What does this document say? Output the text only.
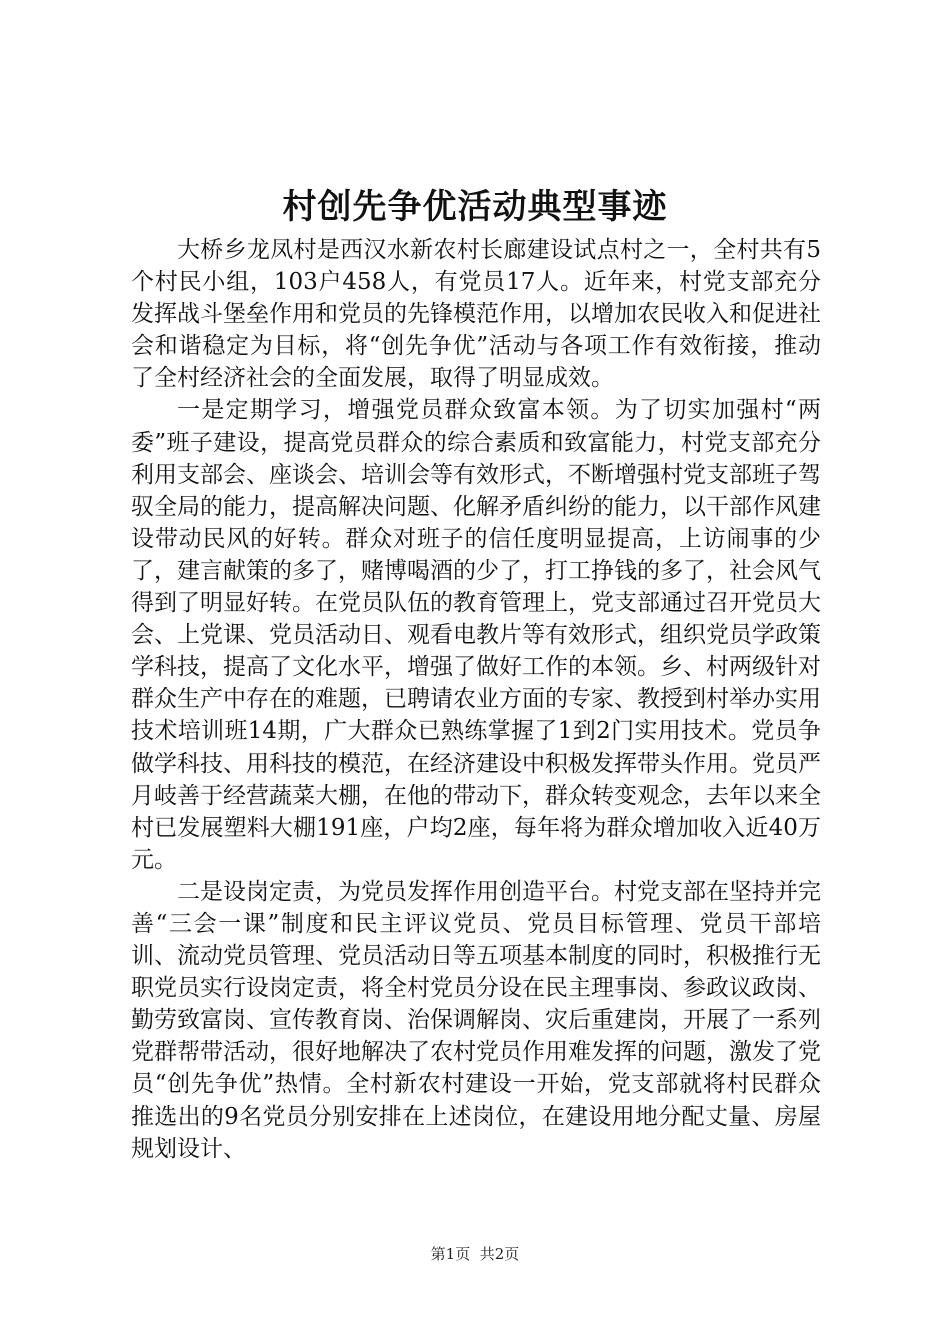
村创先争优活动典型事迹

大桥乡龙凤村是西汉水新农村长廊建设试点村之一，全村共有5个村民小组，103户458人，有党员17人。近年来，村党支部充分发挥战斗堡垒作用和党员的先锋模范作用，以增加农民收入和促进社会和谐稳定为目标，将“创先争优”活动与各项工作有效衔接，推动了全村经济社会的全面发展，取得了明显成效。

一是定期学习，增强党员群众致富本领。为了切实加强村“两委”班子建设，提高党员群众的综合素质和致富能力，村党支部充分利用支部会、座谈会、培训会等有效形式，不断增强村党支部班子驾驭全局的能力，提高解决问题、化解矛盾纠纷的能力，以干部作风建设带动民风的好转。群众对班子的信任度明显提高，上访闹事的少了，建言献策的多了，赌博喝酒的少了，打工挣钱的多了，社会风气得到了明显好转。在党员队伍的教育管理上，党支部通过召开党员大会、上党课、党员活动日、观看电教片等有效形式，组织党员学政策学科技，提高了文化水平，增强了做好工作的本领。乡、村两级针对群众生产中存在的难题，已聘请农业方面的专家、教授到村举办实用技术培训班14期，广大群众已熟练掌握了1到2门实用技术。党员争做学科技、用科技的模范，在经济建设中积极发挥带头作用。党员严月岐善于经营蔬菜大棚，在他的带动下，群众转变观念，去年以来全村已发展塑料大棚191座，户均2座，每年将为群众增加收入近40万元。

二是设岗定责，为党员发挥作用创造平台。村党支部在坚持并完善“三会一课”制度和民主评议党员、党员目标管理、党员干部培训、流动党员管理、党员活动日等五项基本制度的同时，积极推行无职党员实行设岗定责，将全村党员分设在民主理事岗、参政议政岗、勤劳致富岗、宣传教育岗、治保调解岗、灾后重建岗，开展了一系列党群帮带活动，很好地解决了农村党员作用难发挥的问题，激发了党员“创先争优”热情。全村新农村建设一开始，党支部就将村民群众推选出的9名党员分别安排在上述岗位，在建设用地分配丈量、房屋规划设计、

第1页 共2页
